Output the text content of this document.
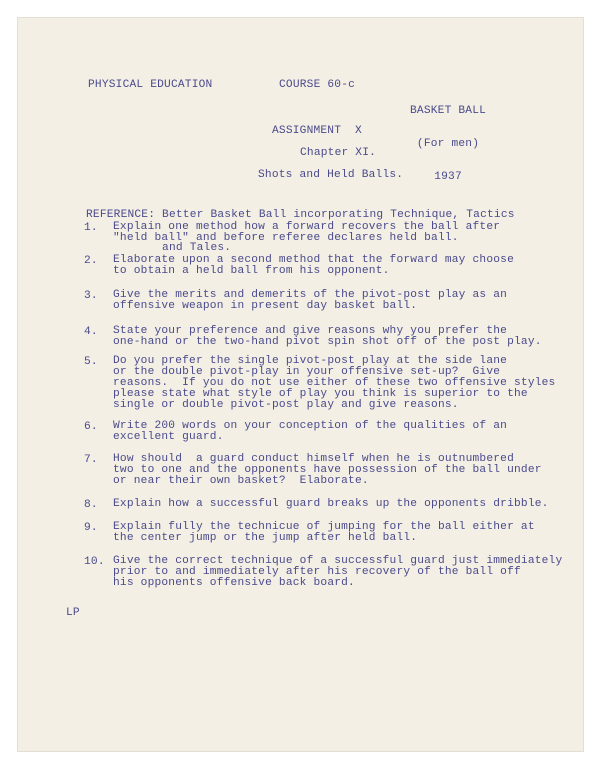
PHYSICAL EDUCATION	COURSE 60-c

BASKET BALL

(For men)

1937

ASSIGNMENT  X
Chapter XI.
Shots and Held Balls.

REFERENCE: Better Basket Ball incorporating Technique, Tactics

and Tales.

1.	Explain one method how a forward recovers the ball after
"held ball" and before referee declares held ball.
2.	Elaborate upon a second method that the forward may choose
to obtain a held ball from his opponent.
3.	Give the merits and demerits of the pivot-post play as an
offensive weapon in present day basket ball.
4.	State your preference and give reasons why you prefer the
one-hand or the two-hand pivot spin shot off of the post play.
5.	Do you prefer the single pivot-post play at the side lane
or the double pivot-play in your offensive set-up?  Give
reasons.  If you do not use either of these two offensive styles
please state what style of play you think is superior to the
single or double pivot-post play and give reasons.
6.	Write 200 words on your conception of the qualities of an
excellent guard.
7.	How should  a guard conduct himself when he is outnumbered
two to one and the opponents have possession of the ball under
or near their own basket?  Elaborate.
8.	Explain how a successful guard breaks up the opponents dribble.
9.	Explain fully the technicue of jumping for the ball either at
the center jump or the jump after held ball.
10. Give the correct technique of a successful guard just immediately
prior to and immediately after his recovery of the ball off
his opponents offensive back board.
LP
